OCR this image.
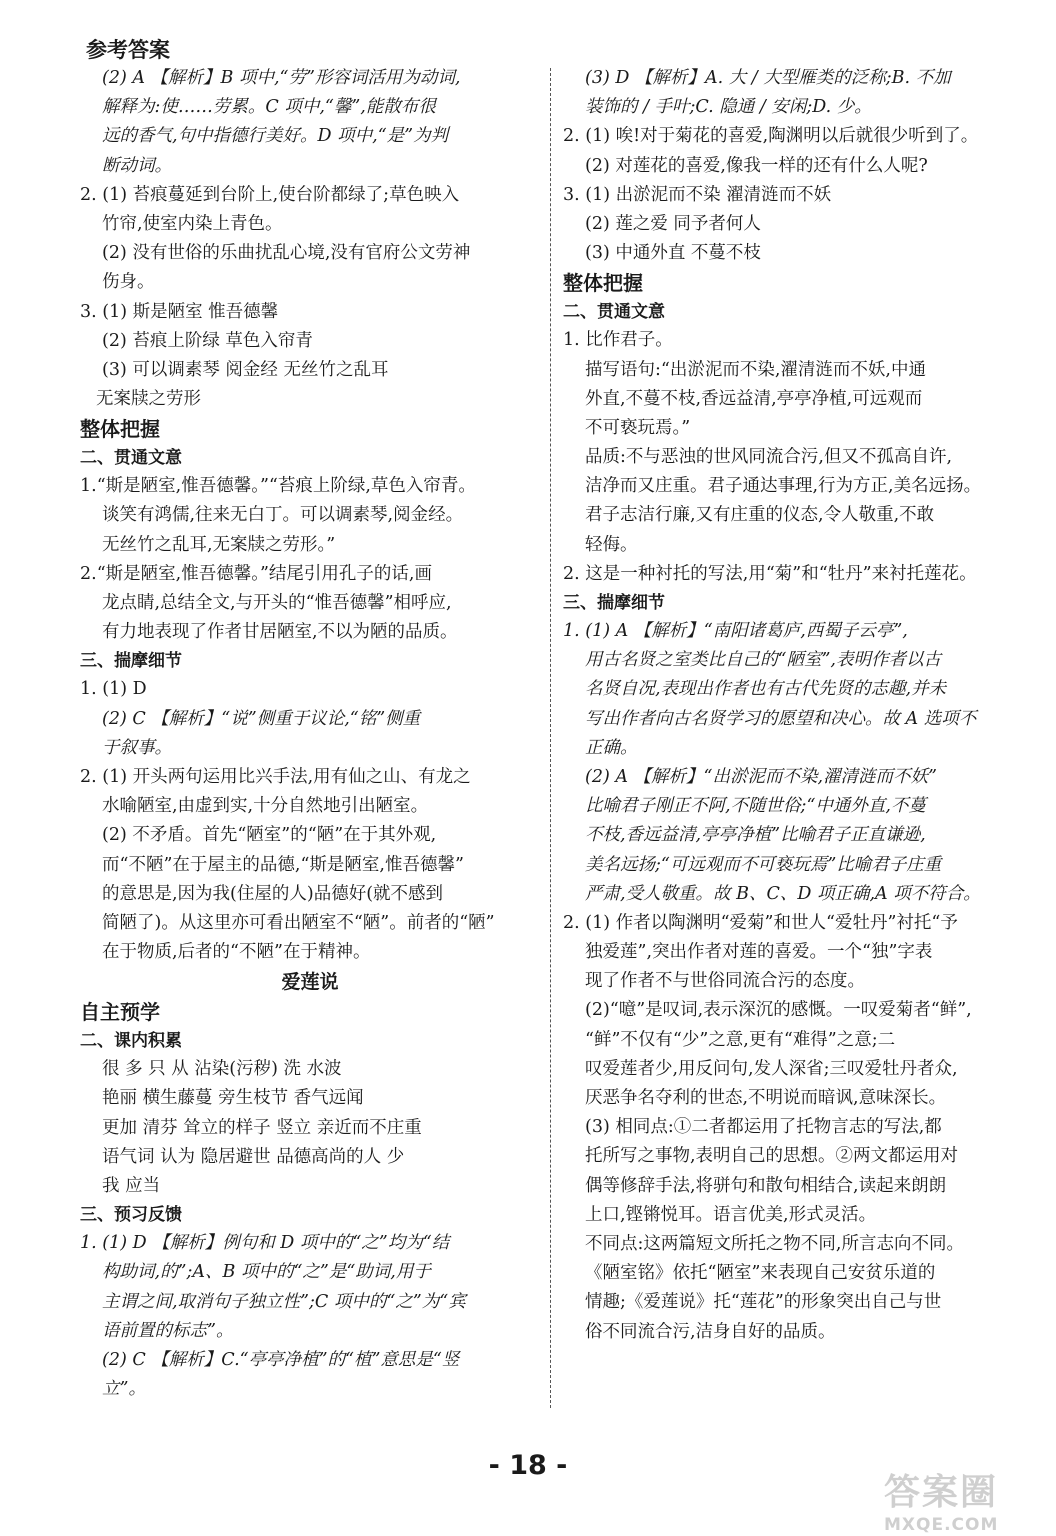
参考答案
(2) A 【解析】B 项中,“劳”形容词活用为动词,
解释为:使……劳累。C 项中,“馨”,能散布很
远的香气,句中指德行美好。D 项中,“是”为判
断动词。
2. (1) 苔痕蔓延到台阶上,使台阶都绿了;草色映入
竹帘,使室内染上青色。
(2) 没有世俗的乐曲扰乱心境,没有官府公文劳神
伤身。
3. (1) 斯是陋室 惟吾德馨
(2) 苔痕上阶绿 草色入帘青
(3) 可以调素琴 阅金经 无丝竹之乱耳
无案牍之劳形
整体把握
二、贯通文意
1.“斯是陋室,惟吾德馨。”“苔痕上阶绿,草色入帘青。
谈笑有鸿儒,往来无白丁。可以调素琴,阅金经。
无丝竹之乱耳,无案牍之劳形。”
2.“斯是陋室,惟吾德馨。”结尾引用孔子的话,画
龙点睛,总结全文,与开头的“惟吾德馨”相呼应,
有力地表现了作者甘居陋室,不以为陋的品质。
三、揣摩细节
1. (1) D
(2) C 【解析】“说”侧重于议论,“铭”侧重
于叙事。
2. (1) 开头两句运用比兴手法,用有仙之山、有龙之
水喻陋室,由虚到实,十分自然地引出陋室。
(2) 不矛盾。首先“陋室”的“陋”在于其外观,
而“不陋”在于屋主的品德,“斯是陋室,惟吾德馨”
的意思是,因为我(住屋的人)品德好(就不感到
简陋了)。从这里亦可看出陋室不“陋”。前者的“陋”
在于物质,后者的“不陋”在于精神。
爱莲说
自主预学
二、课内积累
很 多 只 从 沾染(污秽) 洗 水波
艳丽 横生藤蔓 旁生枝节 香气远闻
更加 清芬 耸立的样子 竖立 亲近而不庄重
语气词 认为 隐居避世 品德高尚的人 少
我 应当
三、预习反馈
1. (1) D 【解析】例句和 D 项中的“之”均为“结
构助词,的”;A、B 项中的“之”是“助词,用于
主谓之间,取消句子独立性”;C 项中的“之”为“宾
语前置的标志”。
(2) C 【解析】C.“亭亭净植”的“植”意思是“竖
立”。
(3) D 【解析】A. 大 / 大型雁类的泛称;B. 不加
装饰的 / 手叶;C. 隐通 / 安闲;D. 少。
2. (1) 唉!对于菊花的喜爱,陶渊明以后就很少听到了。
(2) 对莲花的喜爱,像我一样的还有什么人呢?
3. (1) 出淤泥而不染 濯清涟而不妖
(2) 莲之爱 同予者何人
(3) 中通外直 不蔓不枝
整体把握
二、贯通文意
1. 比作君子。
描写语句:“出淤泥而不染,濯清涟而不妖,中通
外直,不蔓不枝,香远益清,亭亭净植,可远观而
不可亵玩焉。”
品质:不与恶浊的世风同流合污,但又不孤高自许,
洁净而又庄重。君子通达事理,行为方正,美名远扬。
君子志洁行廉,又有庄重的仪态,令人敬重,不敢
轻侮。
2. 这是一种衬托的写法,用“菊”和“牡丹”来衬托莲花。
三、揣摩细节
1. (1) A 【解析】“南阳诸葛庐,西蜀子云亭”,
用古名贤之室类比自己的“陋室”,表明作者以古
名贤自况,表现出作者也有古代先贤的志趣,并未
写出作者向古名贤学习的愿望和决心。故 A 选项不
正确。
(2) A 【解析】“出淤泥而不染,濯清涟而不妖”
比喻君子刚正不阿,不随世俗;“中通外直,不蔓
不枝,香远益清,亭亭净植”比喻君子正直谦逊,
美名远扬;“可远观而不可亵玩焉”比喻君子庄重
严肃,受人敬重。故 B、C、D 项正确,A 项不符合。
2. (1) 作者以陶渊明“爱菊”和世人“爱牡丹”衬托“予
独爱莲”,突出作者对莲的喜爱。一个“独”字表
现了作者不与世俗同流合污的态度。
(2)“噫”是叹词,表示深沉的感慨。一叹爱菊者“鲜”,
“鲜”不仅有“少”之意,更有“难得”之意;二
叹爱莲者少,用反问句,发人深省;三叹爱牡丹者众,
厌恶争名夺利的世态,不明说而暗讽,意味深长。
(3) 相同点:①二者都运用了托物言志的写法,都
托所写之事物,表明自己的思想。②两文都运用对
偶等修辞手法,将骈句和散句相结合,读起来朗朗
上口,铿锵悦耳。语言优美,形式灵活。
不同点:这两篇短文所托之物不同,所言志向不同。
《陋室铭》依托“陋室”来表现自己安贫乐道的
情趣;《爱莲说》托“莲花”的形象突出自己与世
俗不同流合污,洁身自好的品质。
- 18 -
答案圈
MXQE.COM
